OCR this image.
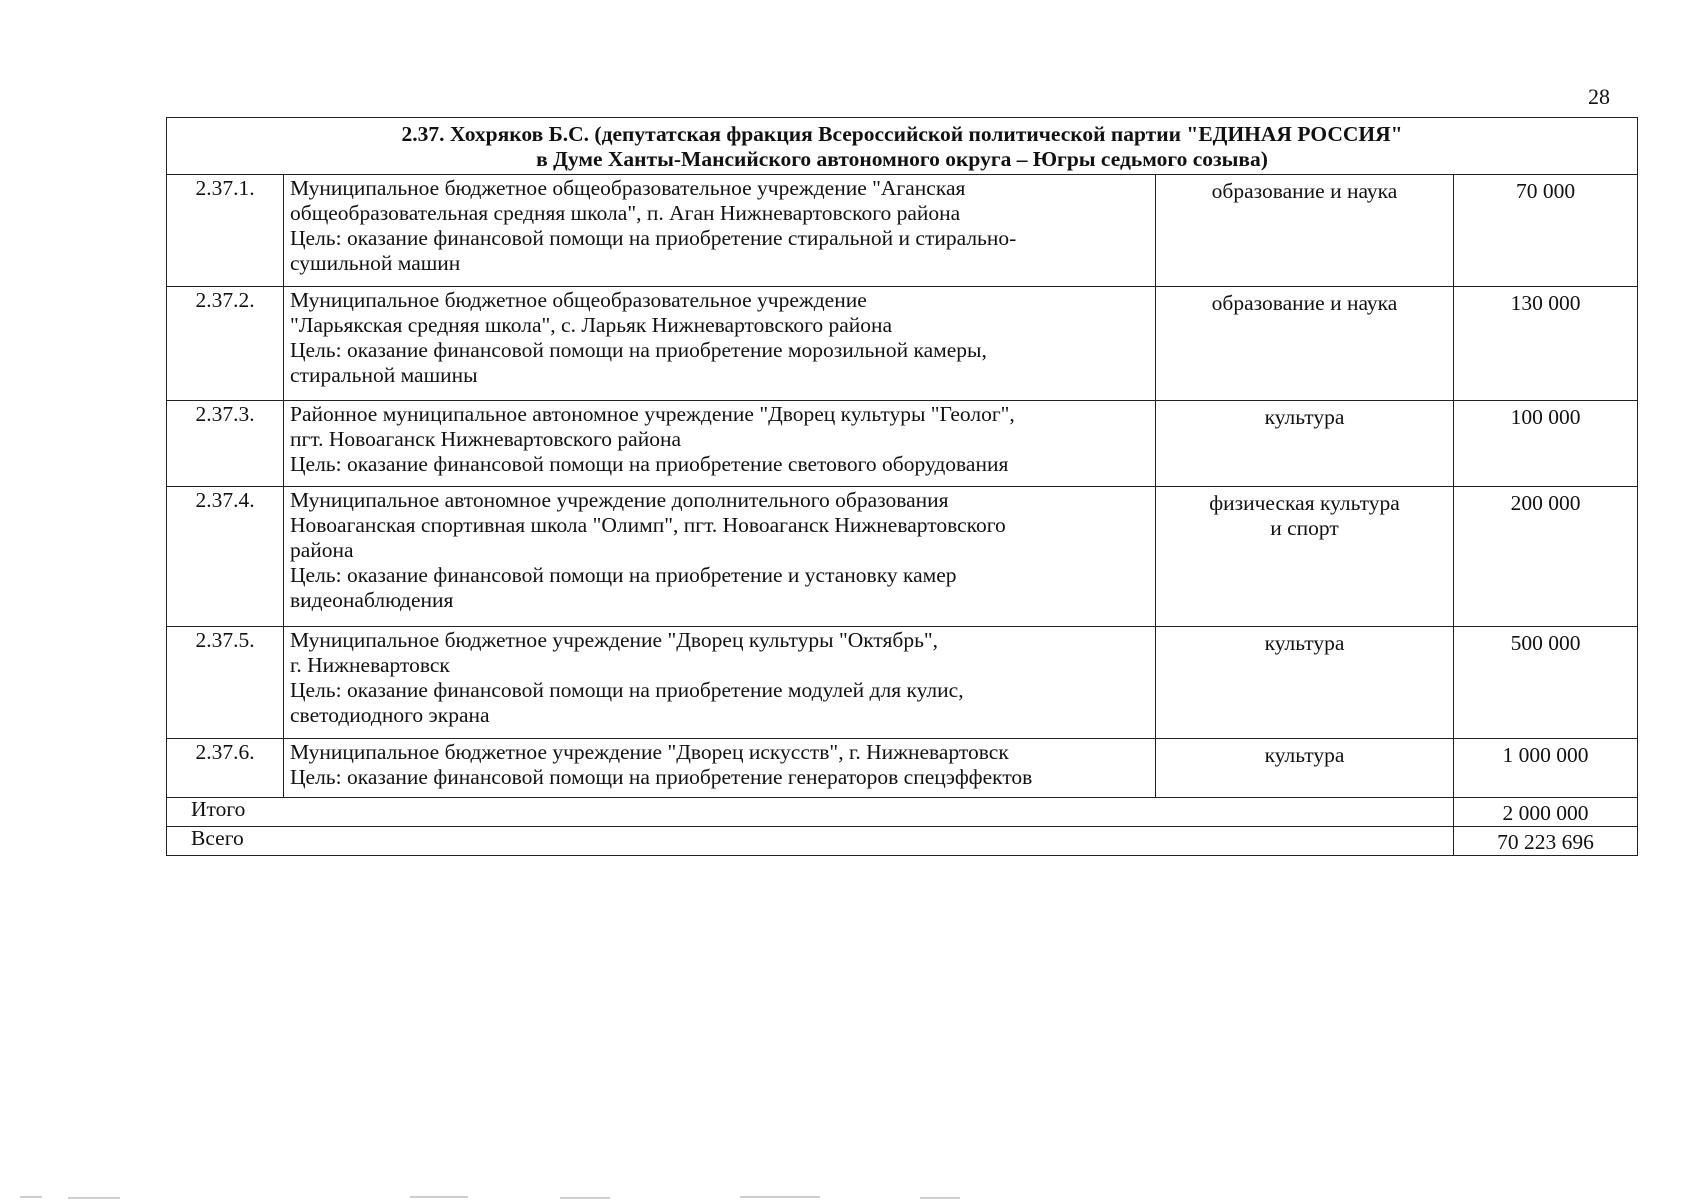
28
2.37. Хохряков Б.С. (депутатская фракция Всероссийской политической партии "ЕДИНАЯ РОССИЯ"
в Думе Ханты-Мансийского автономного округа – Югры седьмого созыва)			

2.37.1.	Муниципальное бюджетное общеобразовательное учреждение "Аганская
общеобразовательная средняя школа", п. Аган Нижневартовского района
Цель: оказание финансовой помощи на приобретение стиральной и стирально-
сушильной машин	образование и наука	70 000
2.37.2.	Муниципальное бюджетное общеобразовательное учреждение
"Ларьякская средняя школа", с. Ларьяк Нижневартовского района
Цель: оказание финансовой помощи на приобретение морозильной камеры,
стиральной машины	образование и наука	130 000
2.37.3.	Районное муниципальное автономное учреждение "Дворец культуры "Геолог",
пгт. Новоаганск Нижневартовского района
Цель: оказание финансовой помощи на приобретение светового оборудования	культура	100 000
2.37.4.	Муниципальное автономное учреждение дополнительного образования
Новоаганская спортивная школа "Олимп", пгт. Новоаганск Нижневартовского
района
Цель: оказание финансовой помощи на приобретение и установку камер
видеонаблюдения	физическая культура
и спорт	200 000
2.37.5.	Муниципальное бюджетное учреждение "Дворец культуры "Октябрь",
г. Нижневартовск
Цель: оказание финансовой помощи на приобретение модулей для кулис,
светодиодного экрана	культура	500 000
2.37.6.	Муниципальное бюджетное учреждение "Дворец искусств", г. Нижневартовск
Цель: оказание финансовой помощи на приобретение генераторов спецэффектов	культура	1 000 000
Итого			2 000 000
Всего			70 223 696
